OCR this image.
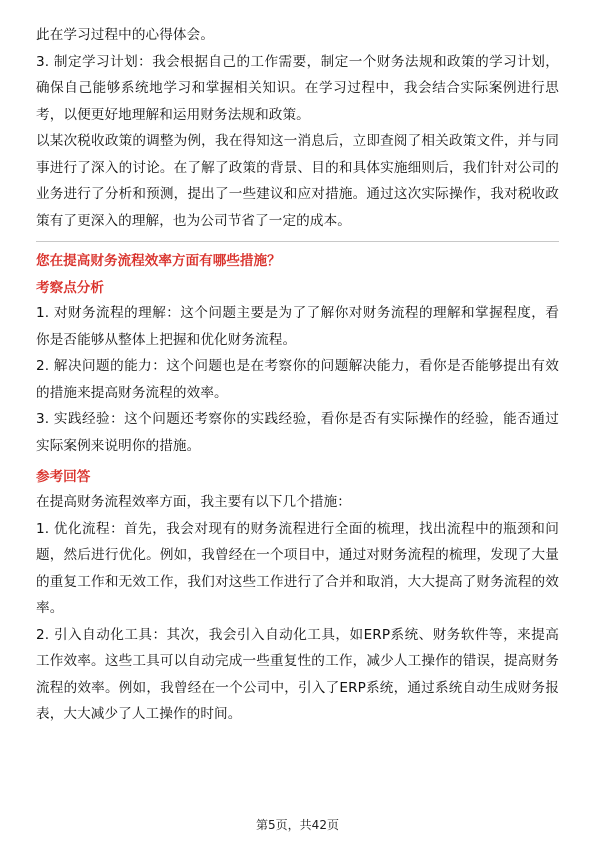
此在学习过程中的心得体会。

3. 制定学习计划：我会根据自己的工作需要，制定一个财务法规和政策的学习计划，确保自己能够系统地学习和掌握相关知识。在学习过程中，我会结合实际案例进行思考，以便更好地理解和运用财务法规和政策。

以某次税收政策的调整为例，我在得知这一消息后，立即查阅了相关政策文件，并与同事进行了深入的讨论。在了解了政策的背景、目的和具体实施细则后，我们针对公司的业务进行了分析和预测，提出了一些建议和应对措施。通过这次实际操作，我对税收政策有了更深入的理解，也为公司节省了一定的成本。

您在提高财务流程效率方面有哪些措施？
考察点分析

1. 对财务流程的理解：这个问题主要是为了了解你对财务流程的理解和掌握程度，看你是否能够从整体上把握和优化财务流程。

2. 解决问题的能力：这个问题也是在考察你的问题解决能力，看你是否能够提出有效的措施来提高财务流程的效率。

3. 实践经验：这个问题还考察你的实践经验，看你是否有实际操作的经验，能否通过实际案例来说明你的措施。

参考回答

在提高财务流程效率方面，我主要有以下几个措施：

1. 优化流程：首先，我会对现有的财务流程进行全面的梳理，找出流程中的瓶颈和问题，然后进行优化。例如，我曾经在一个项目中，通过对财务流程的梳理，发现了大量的重复工作和无效工作，我们对这些工作进行了合并和取消，大大提高了财务流程的效率。

2. 引入自动化工具：其次，我会引入自动化工具，如ERP系统、财务软件等，来提高工作效率。这些工具可以自动完成一些重复性的工作，减少人工操作的错误，提高财务流程的效率。例如，我曾经在一个公司中，引入了ERP系统，通过系统自动生成财务报表，大大减少了人工操作的时间。

第5页，共42页
